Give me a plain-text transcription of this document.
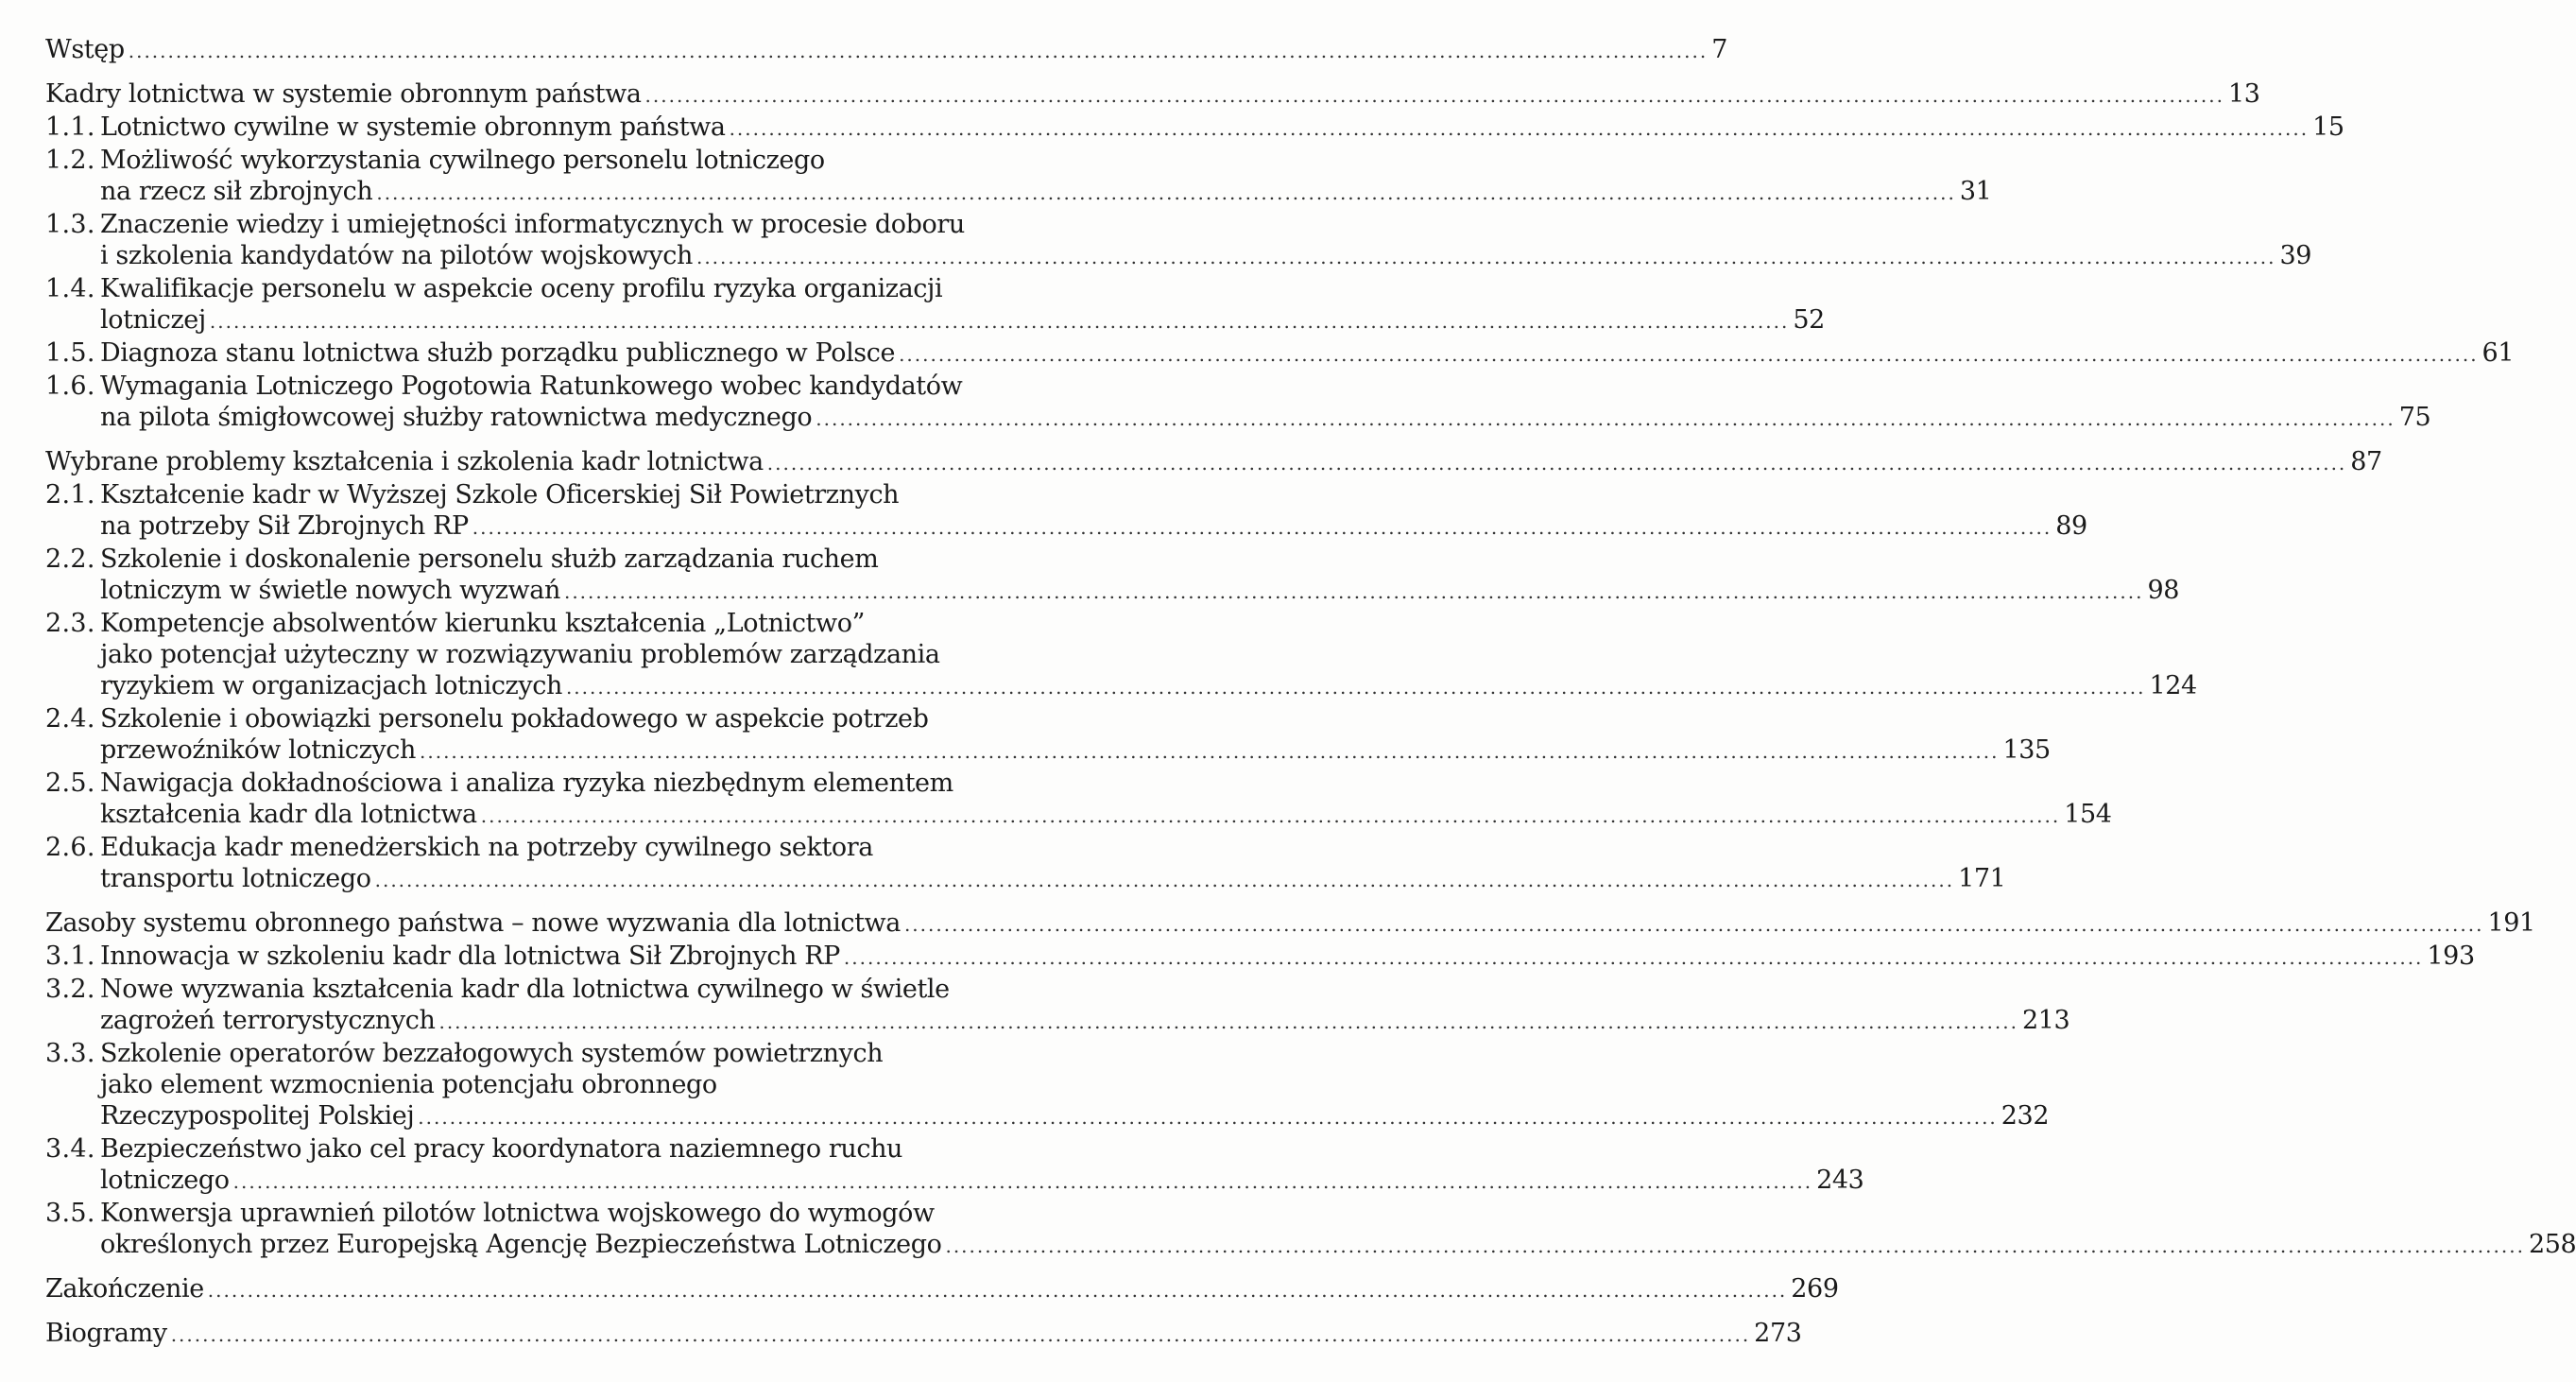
Wstęp ........................................................................................................................................................................................................ 7
Kadry lotnictwa w systemie obronnym państwa ........................................................................................................................................................................................................ 13
1.1. Lotnictwo cywilne w systemie obronnym państwa ........................................................................................................................................................................................................ 15
1.2. Możliwość wykorzystania cywilnego personelu lotniczego
na rzecz sił zbrojnych ........................................................................................................................................................................................................ 31
1.3. Znaczenie wiedzy i umiejętności informatycznych w procesie doboru
i szkolenia kandydatów na pilotów wojskowych ........................................................................................................................................................................................................ 39
1.4. Kwalifikacje personelu w aspekcie oceny profilu ryzyka organizacji
lotniczej ........................................................................................................................................................................................................ 52
1.5. Diagnoza stanu lotnictwa służb porządku publicznego w Polsce ........................................................................................................................................................................................................ 61
1.6. Wymagania Lotniczego Pogotowia Ratunkowego wobec kandydatów
na pilota śmigłowcowej służby ratownictwa medycznego ........................................................................................................................................................................................................ 75
Wybrane problemy kształcenia i szkolenia kadr lotnictwa ........................................................................................................................................................................................................ 87
2.1. Kształcenie kadr w Wyższej Szkole Oficerskiej Sił Powietrznych
na potrzeby Sił Zbrojnych RP ........................................................................................................................................................................................................ 89
2.2. Szkolenie i doskonalenie personelu służb zarządzania ruchem
lotniczym w świetle nowych wyzwań ........................................................................................................................................................................................................ 98
2.3. Kompetencje absolwentów kierunku kształcenia „Lotnictwo”
jako potencjał użyteczny w rozwiązywaniu problemów zarządzania
ryzykiem w organizacjach lotniczych ........................................................................................................................................................................................................ 124
2.4. Szkolenie i obowiązki personelu pokładowego w aspekcie potrzeb
przewoźników lotniczych ........................................................................................................................................................................................................ 135
2.5. Nawigacja dokładnościowa i analiza ryzyka niezbędnym elementem
kształcenia kadr dla lotnictwa ........................................................................................................................................................................................................ 154
2.6. Edukacja kadr menedżerskich na potrzeby cywilnego sektora
transportu lotniczego ........................................................................................................................................................................................................ 171
Zasoby systemu obronnego państwa – nowe wyzwania dla lotnictwa ........................................................................................................................................................................................................ 191
3.1. Innowacja w szkoleniu kadr dla lotnictwa Sił Zbrojnych RP ........................................................................................................................................................................................................ 193
3.2. Nowe wyzwania kształcenia kadr dla lotnictwa cywilnego w świetle
zagrożeń terrorystycznych ........................................................................................................................................................................................................ 213
3.3. Szkolenie operatorów bezzałogowych systemów powietrznych
jako element wzmocnienia potencjału obronnego
Rzeczypospolitej Polskiej ........................................................................................................................................................................................................ 232
3.4. Bezpieczeństwo jako cel pracy koordynatora naziemnego ruchu
lotniczego ........................................................................................................................................................................................................ 243
3.5. Konwersja uprawnień pilotów lotnictwa wojskowego do wymogów
określonych przez Europejską Agencję Bezpieczeństwa Lotniczego ........................................................................................................................................................................................................ 258
Zakończenie ........................................................................................................................................................................................................ 269
Biogramy ........................................................................................................................................................................................................ 273
